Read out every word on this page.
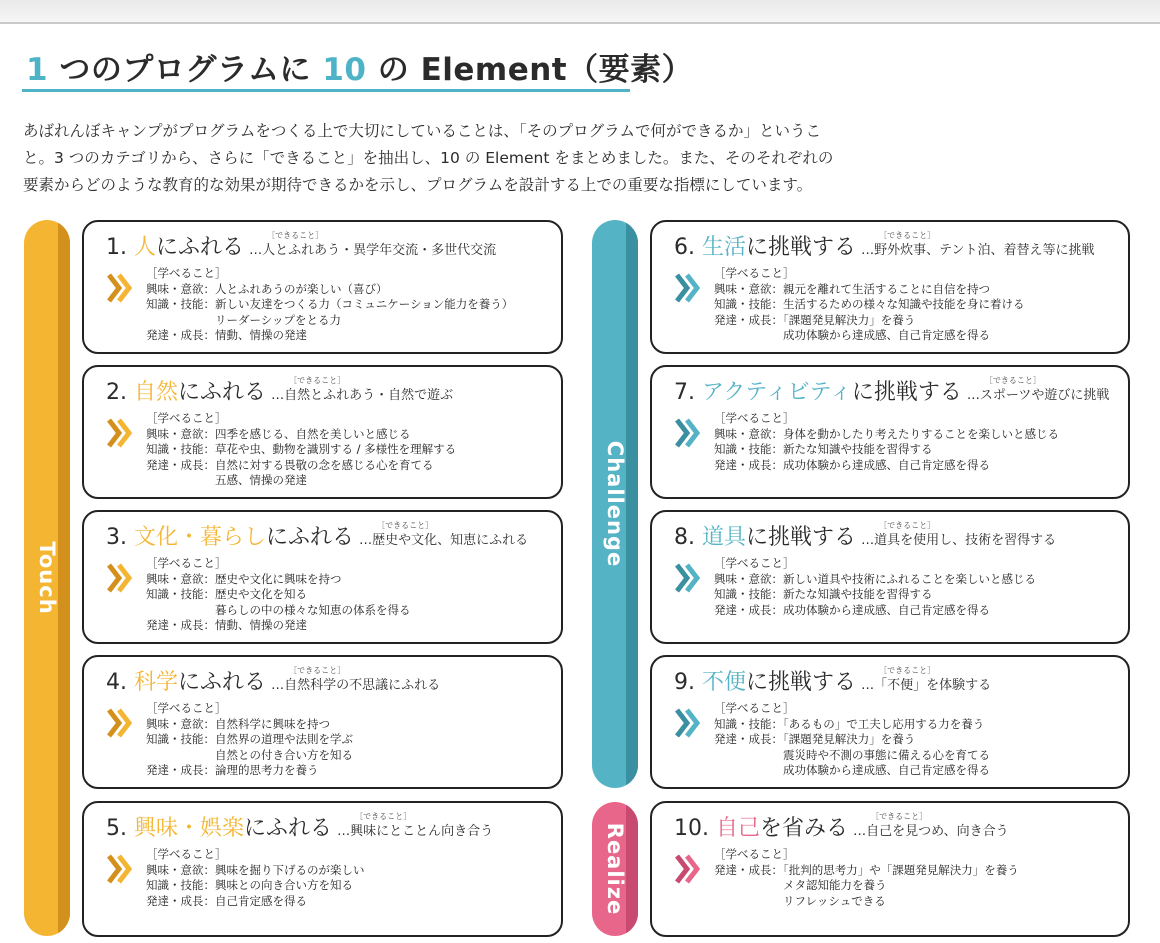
1 つのプログラムに 10 の Element（要素）

あばれんぼキャンプがプログラムをつくる上で大切にしていることは、「そのプログラムで何ができるか」というこ

と。3 つのカテゴリから、さらに「できること」を抽出し、10 の Element をまとめました。また、そのそれぞれの

要素からどのような教育的な効果が期待できるかを示し、プログラムを設計する上での重要な指標にしています。

Touch
Challenge
Realize
1. 人にふれる	［できること］
…人とふれあう・異学年交流・多世代交流
［学べること］
興味・意欲：人とふれあうのが楽しい（喜び）
知識・技能：新しい友達をつくる力（コミュニケーション能力を養う）
リーダーシップをとる力
発達・成長：情動、情操の発達
2. 自然にふれる	［できること］
…自然とふれあう・自然で遊ぶ
［学べること］
興味・意欲：四季を感じる、自然を美しいと感じる
知識・技能：草花や虫、動物を識別する / 多様性を理解する
発達・成長：自然に対する畏敬の念を感じる心を育てる
五感、情操の発達
3. 文化・暮らしにふれる	［できること］
…歴史や文化、知恵にふれる
［学べること］
興味・意欲：歴史や文化に興味を持つ
知識・技能：歴史や文化を知る
暮らしの中の様々な知恵の体系を得る
発達・成長：情動、情操の発達
4. 科学にふれる	［できること］
…自然科学の不思議にふれる
［学べること］
興味・意欲：自然科学に興味を持つ
知識・技能：自然界の道理や法則を学ぶ
自然との付き合い方を知る
発達・成長：論理的思考力を養う
5. 興味・娯楽にふれる	［できること］
…興味にとことん向き合う
［学べること］
興味・意欲：興味を掘り下げるのが楽しい
知識・技能：興味との向き合い方を知る
発達・成長：自己肯定感を得る
6. 生活に挑戦する	［できること］
…野外炊事、テント泊、着替え等に挑戦
［学べること］
興味・意欲：親元を離れて生活することに自信を持つ
知識・技能：生活するための様々な知識や技能を身に着ける
発達・成長：「課題発見解決力」を養う
成功体験から達成感、自己肯定感を得る
7. アクティビティに挑戦する	［できること］
…スポーツや遊びに挑戦
［学べること］
興味・意欲：身体を動かしたり考えたりすることを楽しいと感じる
知識・技能：新たな知識や技能を習得する
発達・成長：成功体験から達成感、自己肯定感を得る
8. 道具に挑戦する	［できること］
…道具を使用し、技術を習得する
［学べること］
興味・意欲：新しい道具や技術にふれることを楽しいと感じる
知識・技能：新たな知識や技能を習得する
発達・成長：成功体験から達成感、自己肯定感を得る
9. 不便に挑戦する	［できること］
…「不便」を体験する
［学べること］
知識・技能：「あるもの」で工夫し応用する力を養う
発達・成長：「課題発見解決力」を養う
震災時や不測の事態に備える心を育てる
成功体験から達成感、自己肯定感を得る
10. 自己を省みる	［できること］
…自己を見つめ、向き合う
［学べること］
発達・成長：「批判的思考力」や「課題発見解決力」を養う
メタ認知能力を養う
リフレッシュできる
